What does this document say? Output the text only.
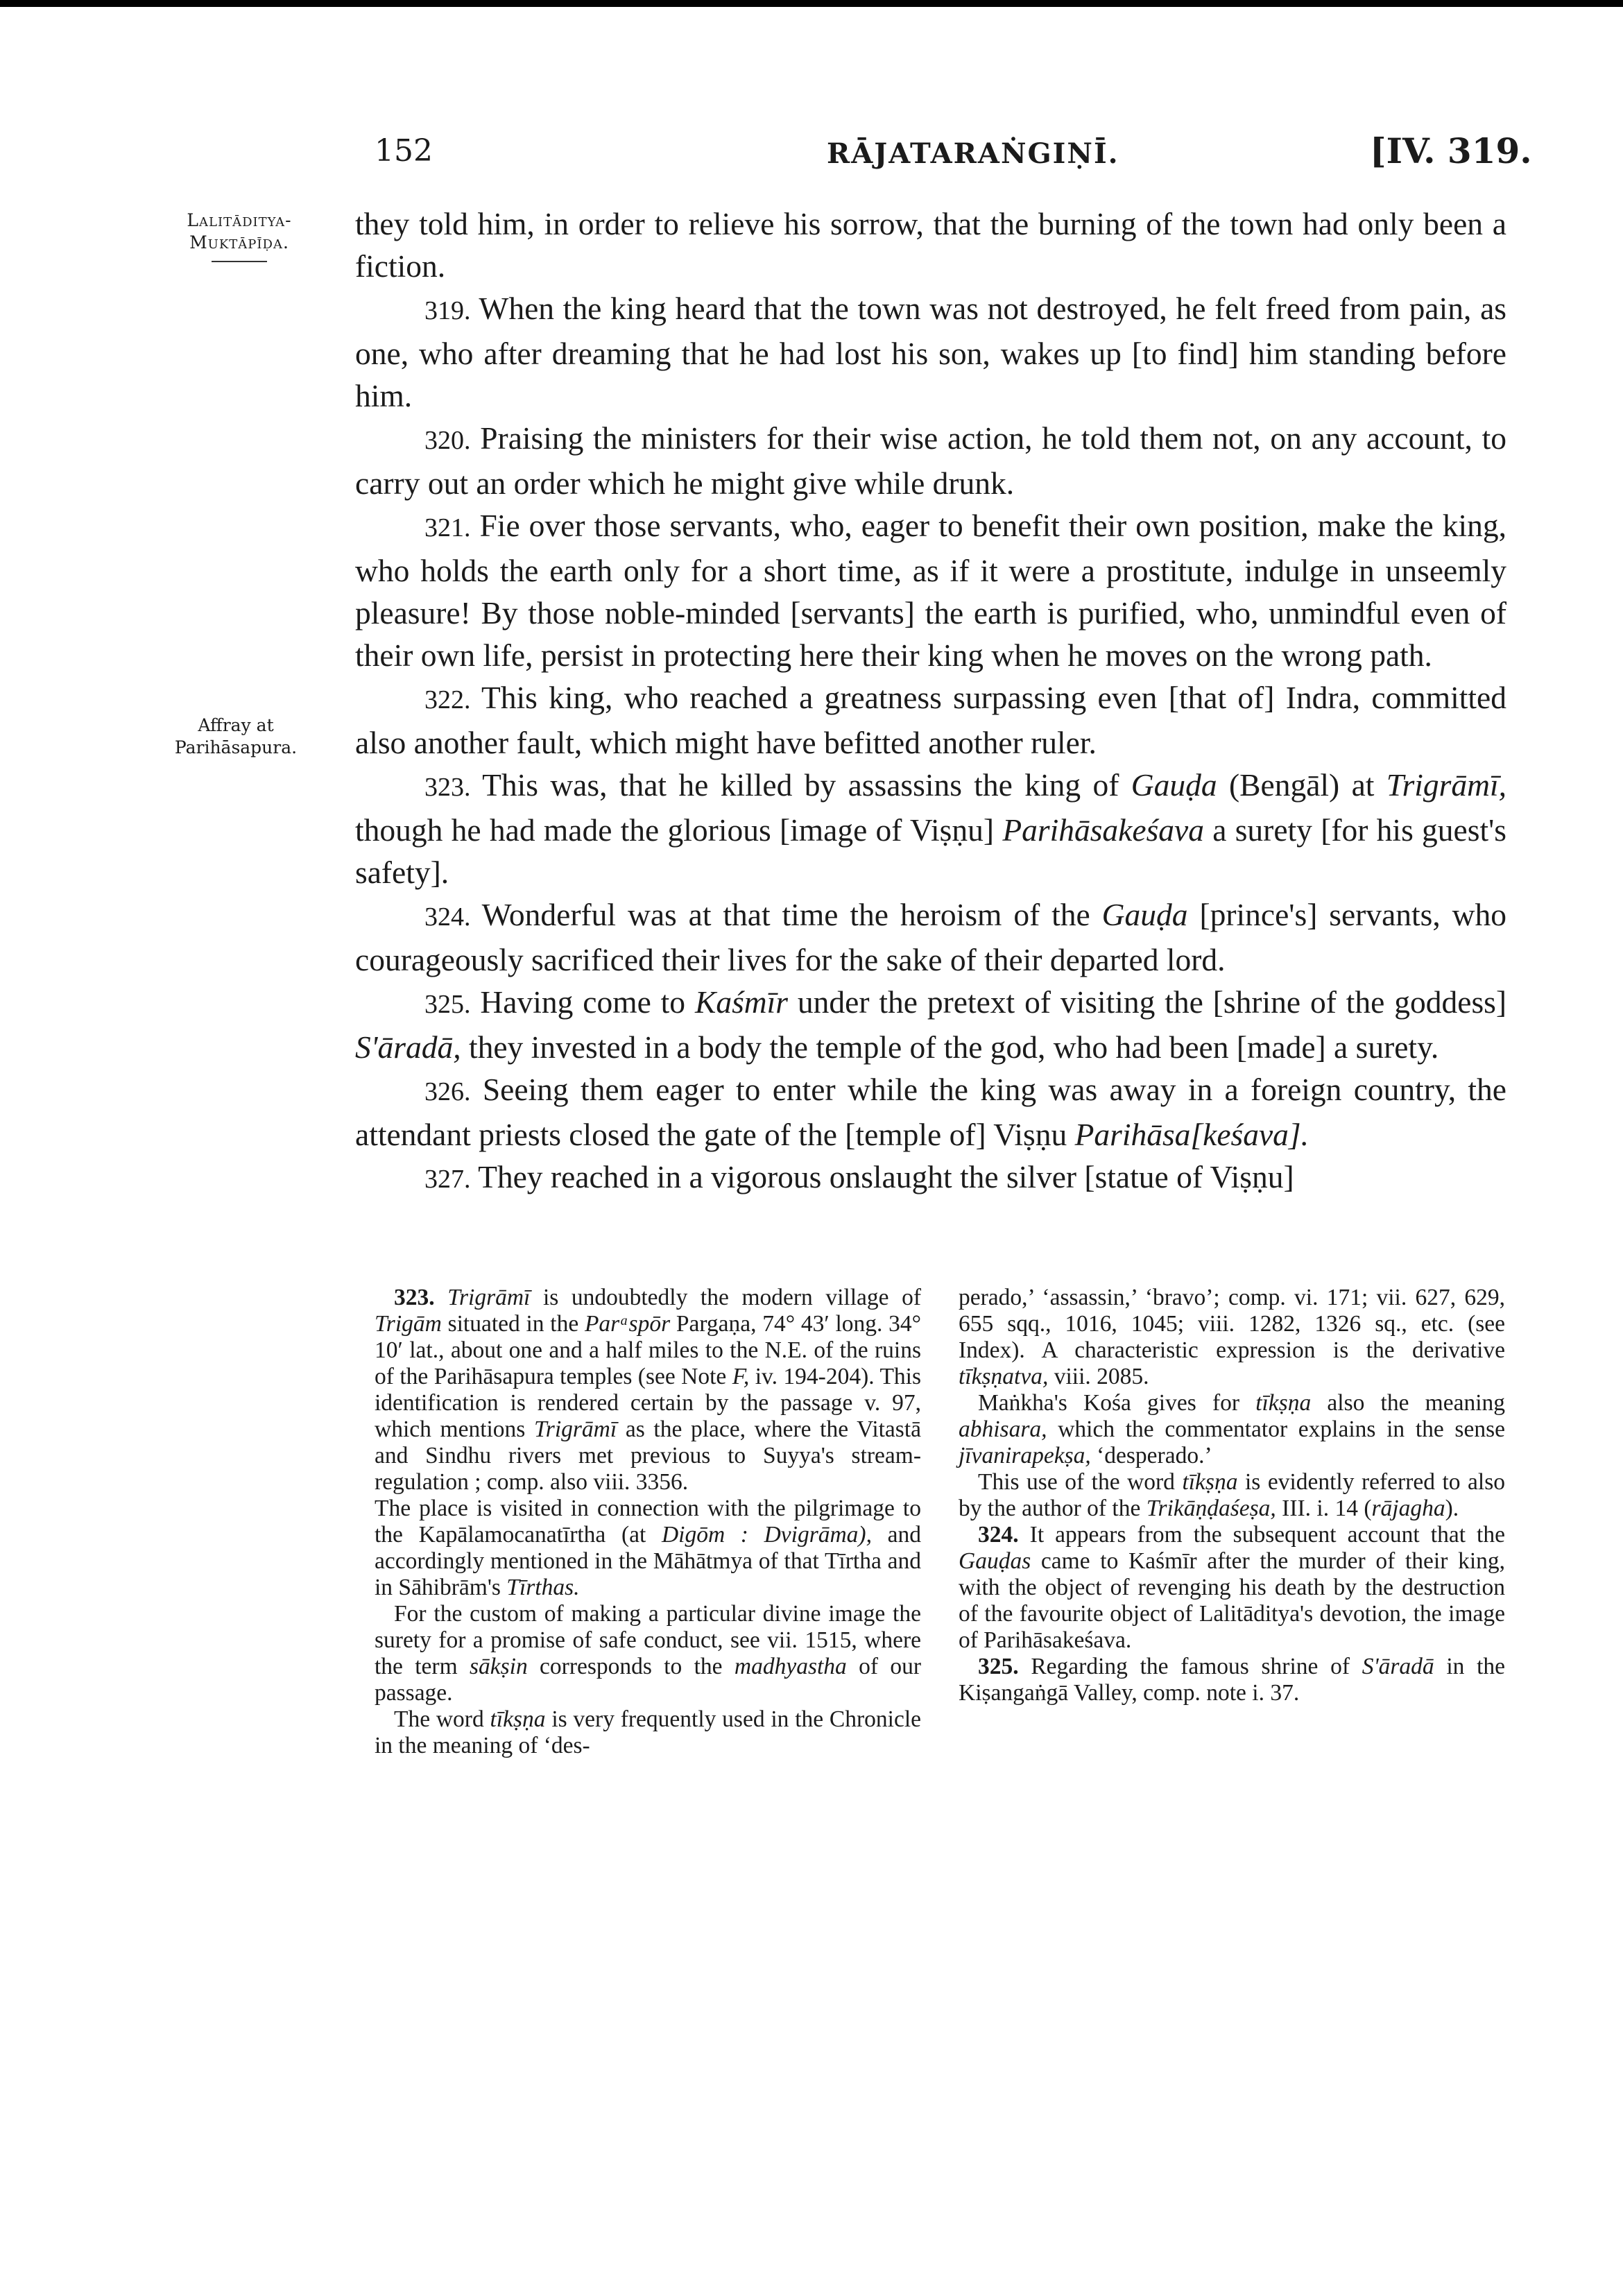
152	RĀJATARAṄGIṆĪ.	[IV. 319.
Lalitāditya-
Muktāpīḍa.
Affray at
Parihāsapura.

they told him, in order to relieve his sorrow, that the burning of the town had only been a fiction.

319. When the king heard that the town was not destroyed, he felt freed from pain, as one, who after dreaming that he had lost his son, wakes up [to find] him standing before him.

320. Praising the ministers for their wise action, he told them not, on any account, to carry out an order which he might give while drunk.

321. Fie over those servants, who, eager to benefit their own position, make the king, who holds the earth only for a short time, as if it were a prostitute, indulge in unseemly pleasure! By those noble-minded [servants] the earth is purified, who, unmindful even of their own life, persist in protecting here their king when he moves on the wrong path.

322. This king, who reached a greatness surpassing even [that of] Indra, committed also another fault, which might have befitted another ruler.

323. This was, that he killed by assassins the king of Gauḍa (Bengāl) at Trigrāmī, though he had made the glorious [image of Viṣṇu] Parihāsakeśava a surety [for his guest's safety].

324. Wonderful was at that time the heroism of the Gauḍa [prince's] servants, who courageously sacrificed their lives for the sake of their departed lord.

325. Having come to Kaśmīr under the pretext of visiting the [shrine of the goddess] S'āradā, they invested in a body the temple of the god, who had been [made] a surety.

326. Seeing them eager to enter while the king was away in a foreign country, the attendant priests closed the gate of the [temple of] Viṣṇu Parihāsa[keśava].

327. They reached in a vigorous onslaught the silver [statue of Viṣṇu]

323. Trigrāmī is undoubtedly the modern village of Trigām situated in the Parᵃspōr Pargaṇa, 74° 43′ long. 34° 10′ lat., about one and a half miles to the N.E. of the ruins of the Parihāsapura temples (see Note F, iv. 194-204). This identification is rendered certain by the passage v. 97, which mentions Trigrāmī as the place, where the Vitastā and Sindhu rivers met previous to Suyya's stream-regulation ; comp. also viii. 3356.

The place is visited in connection with the pilgrimage to the Kapālamocanatīrtha (at Digōm : Dvigrāma), and accordingly mentioned in the Māhātmya of that Tīrtha and in Sāhibrām's Tīrthas.

For the custom of making a particular divine image the surety for a promise of safe conduct, see vii. 1515, where the term sākṣin corresponds to the madhyastha of our passage.

The word tīkṣṇa is very frequently used in the Chronicle in the meaning of ‘des-

perado,’ ‘assassin,’ ‘bravo’; comp. vi. 171; vii. 627, 629, 655 sqq., 1016, 1045; viii. 1282, 1326 sq., etc. (see Index). A characteristic expression is the derivative tīkṣṇatva, viii. 2085.

Maṅkha's Kośa gives for tīkṣṇa also the meaning abhisara, which the commentator explains in the sense jīvanirapekṣa, ‘desperado.’

This use of the word tīkṣṇa is evidently referred to also by the author of the Trikāṇḍaśeṣa, III. i. 14 (rājagha).

324. It appears from the subsequent account that the Gauḍas came to Kaśmīr after the murder of their king, with the object of revenging his death by the destruction of the favourite object of Lalitāditya's devotion, the image of Parihāsakeśava.

325. Regarding the famous shrine of S'āradā in the Kiṣangaṅgā Valley, comp. note i. 37.
